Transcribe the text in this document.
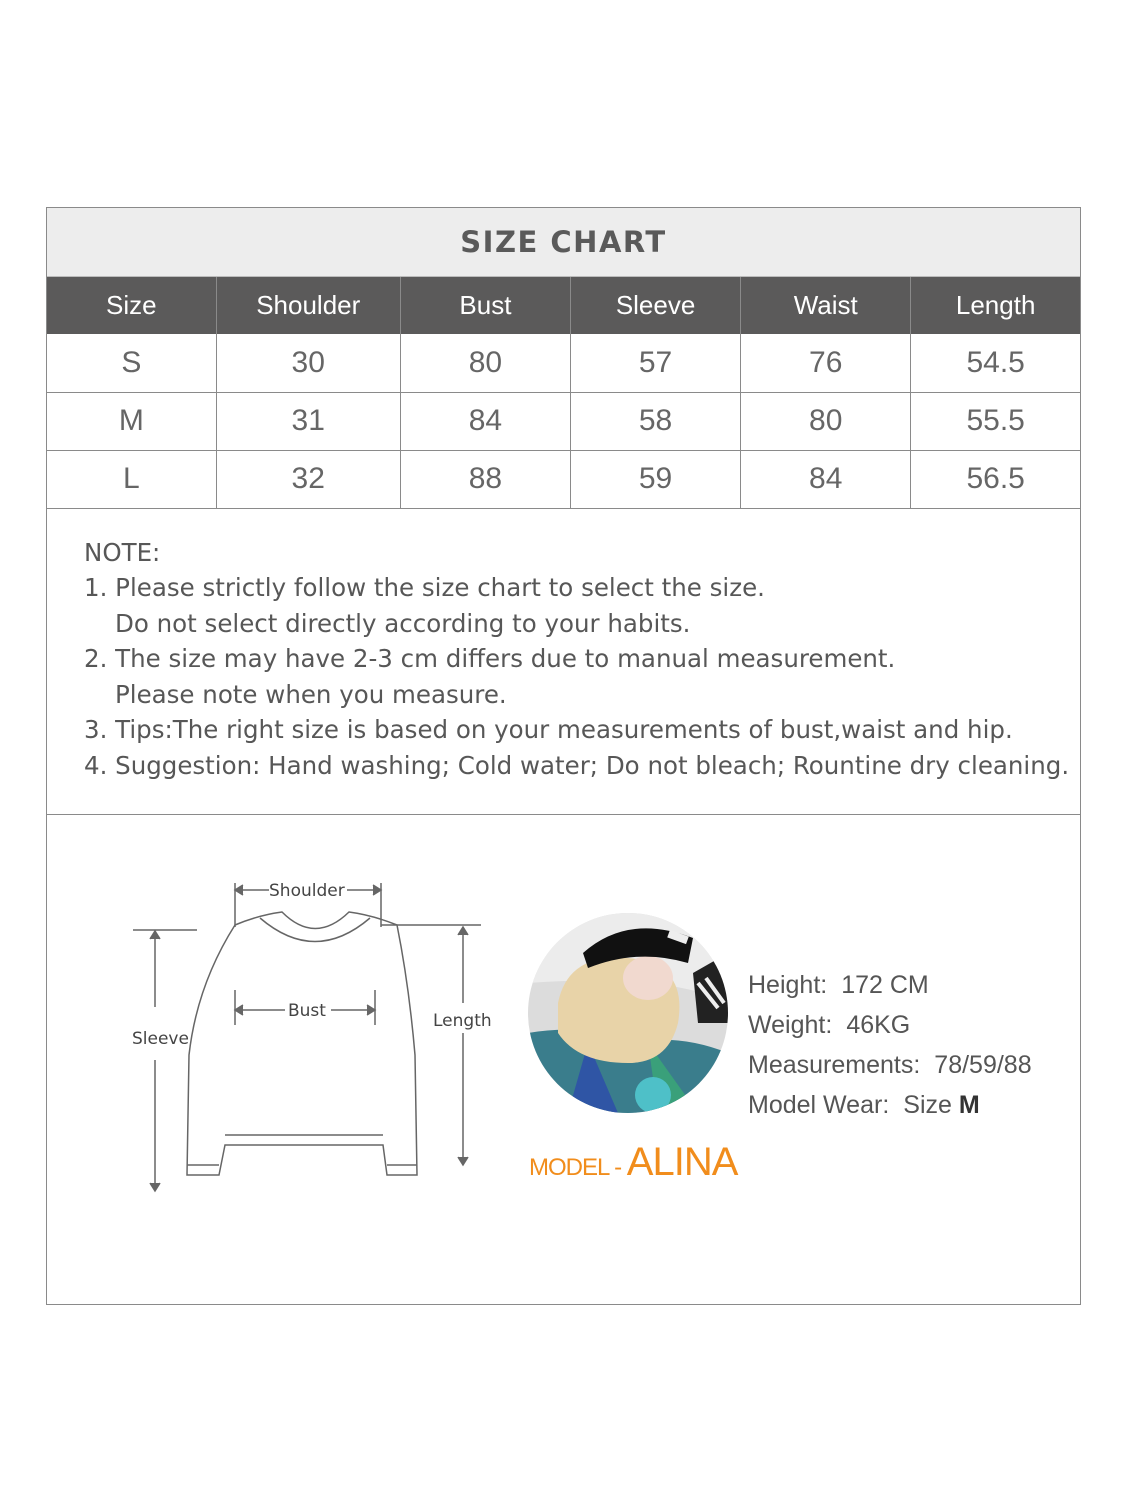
SIZE CHART
Size	Shoulder	Bust	Sleeve	Waist	Length
S	30	80	57	76	54.5
M	31	84	58	80	55.5
L	32	88	59	84	56.5
NOTE:
1. Please strictly follow the size chart to select the size.
Do not select directly according to your habits.
2. The size may have 2-3 cm differs due to manual measurement.
Please note when you measure.
3. Tips:The right size is based on your measurements of bust,waist and hip.
4. Suggestion: Hand washing; Cold water; Do not bleach; Rountine dry cleaning.
Shoulder
Bust
Sleeve
Length
Height: 172 CM
Weight: 46KG
Measurements: 78/59/88
Model Wear: Size M
MODEL - ALINA
